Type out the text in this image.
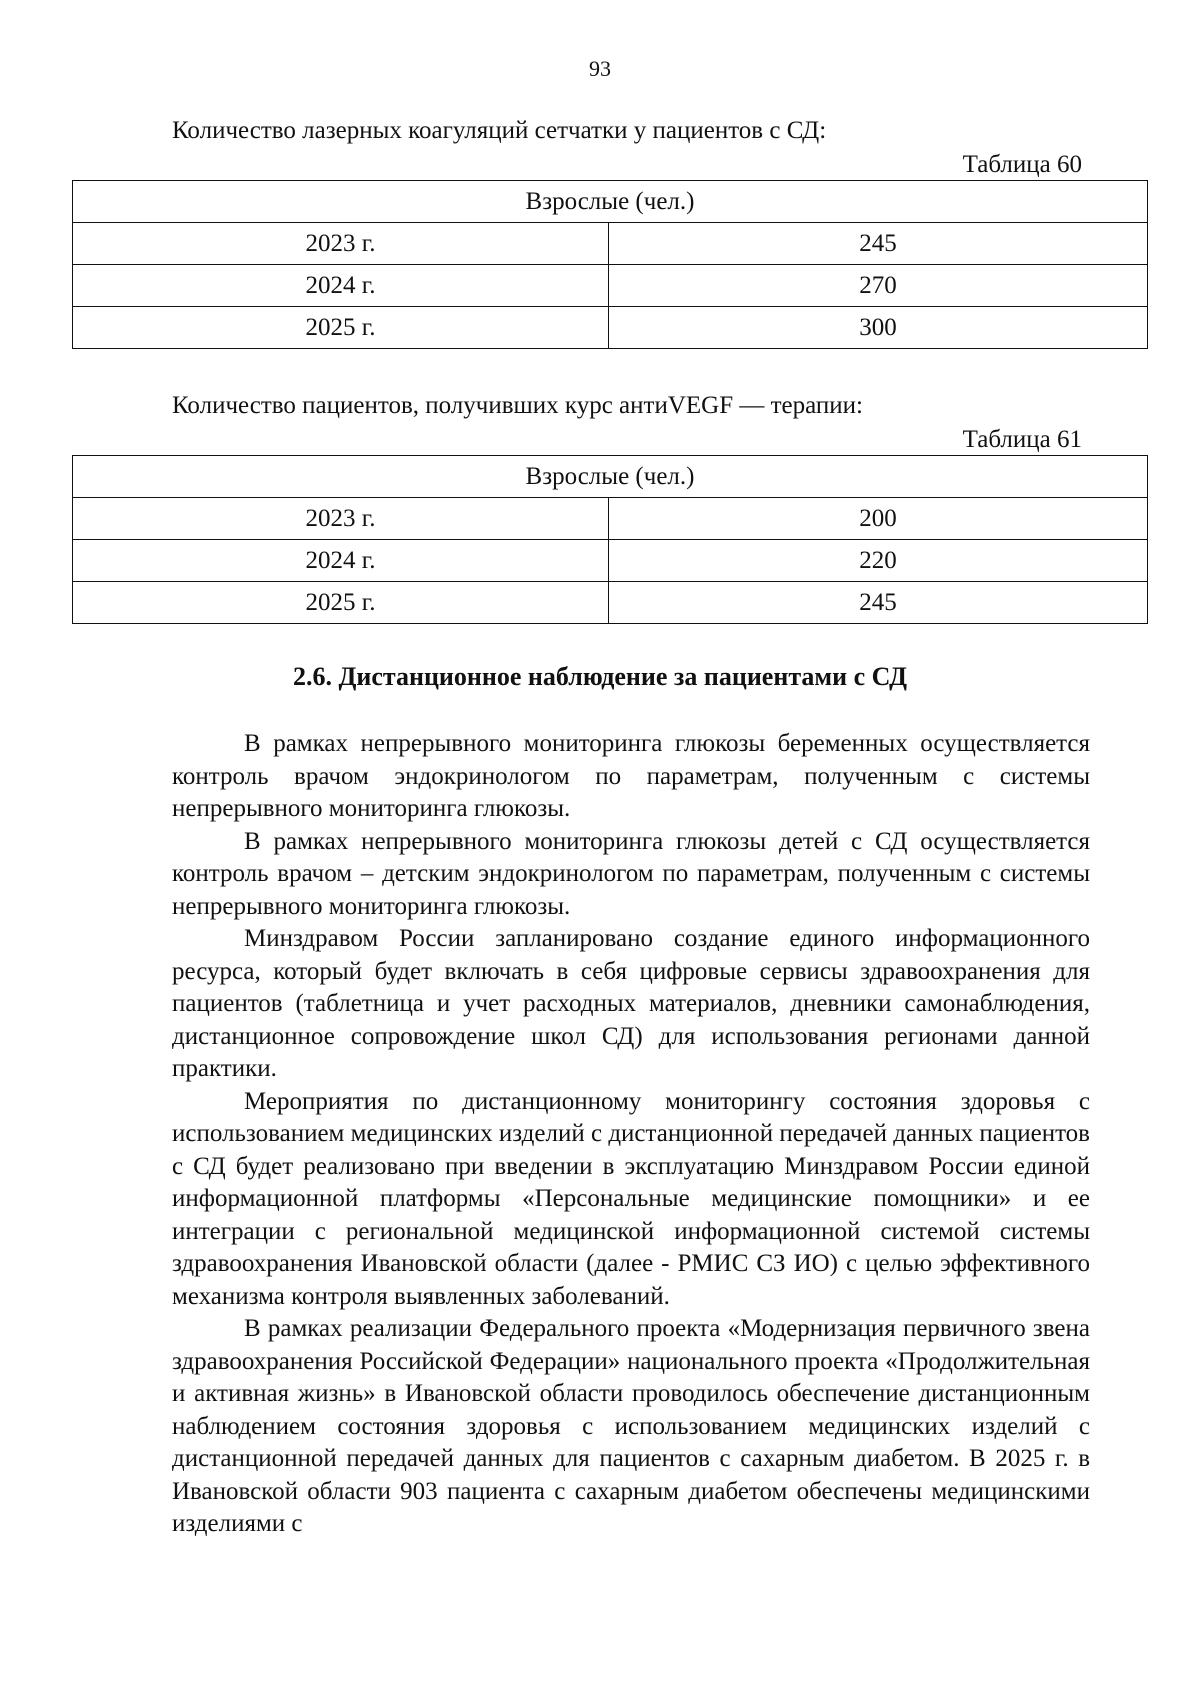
93
Количество лазерных коагуляций сетчатки у пациентов с СД:
Таблица 60
Взрослые (чел.)	
2023 г.	245
2024 г.	270
2025 г.	300
Количество пациентов, получивших курс антиVEGF — терапии:
Таблица 61
Взрослые (чел.)	
2023 г.	200
2024 г.	220
2025 г.	245
2.6. Дистанционное наблюдение за пациентами с СД

В рамках непрерывного мониторинга глюкозы беременных осуществляется контроль врачом эндокринологом по параметрам, полученным с системы непрерывного мониторинга глюкозы.

В рамках непрерывного мониторинга глюкозы детей с СД осуществляется контроль врачом – детским эндокринологом по параметрам, полученным с системы непрерывного мониторинга глюкозы.

Минздравом России запланировано создание единого информационного ресурса, который будет включать в себя цифровые сервисы здравоохранения для пациентов (таблетница и учет расходных материалов, дневники самонаблюдения, дистанционное сопровождение школ СД) для использования регионами данной практики.

Мероприятия по дистанционному мониторингу состояния здоровья с использованием медицинских изделий с дистанционной передачей данных пациентов с СД будет реализовано при введении в эксплуатацию Минздравом России единой информационной платформы «Персональные медицинские помощники» и ее интеграции с региональной медицинской информационной системой системы здравоохранения Ивановской области (далее - РМИС СЗ ИО) с целью эффективного механизма контроля выявленных заболеваний.

В рамках реализации Федерального проекта «Модернизация первичного звена здравоохранения Российской Федерации» национального проекта «Продолжительная и активная жизнь» в Ивановской области проводилось обеспечение дистанционным наблюдением состояния здоровья с использованием медицинских изделий с дистанционной передачей данных для пациентов с сахарным диабетом. В 2025 г. в Ивановской области 903 пациента с сахарным диабетом обеспечены медицинскими изделиями с
